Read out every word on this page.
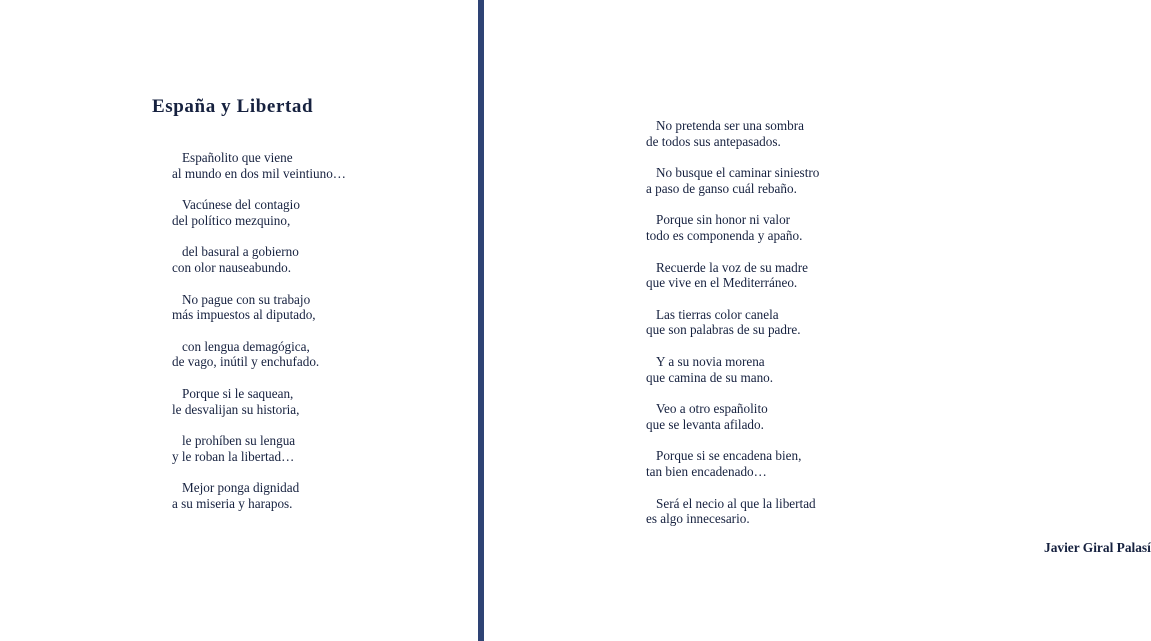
España y Libertad
Españolito que viene
al mundo en dos mil veintiuno…
Vacúnese del contagio
del político mezquino,
del basural a gobierno
con olor nauseabundo.
No pague con su trabajo
más impuestos al diputado,
con lengua demagógica,
de vago, inútil y enchufado.
Porque si le saquean,
le desvalijan su historia,
le prohíben su lengua
y le roban la libertad…
Mejor ponga dignidad
a su miseria y harapos.
No pretenda ser una sombra
de todos sus antepasados.
No busque el caminar siniestro
a paso de ganso cuál rebaño.
Porque sin honor ni valor
todo es componenda y apaño.
Recuerde la voz de su madre
que vive en el Mediterráneo.
Las tierras color canela
que son palabras de su padre.
Y a su novia morena
que camina de su mano.
Veo a otro españolito
que se levanta afilado.
Porque si se encadena bien,
tan bien encadenado…
Será el necio al que la libertad
es algo innecesario.
Javier Giral Palasí
